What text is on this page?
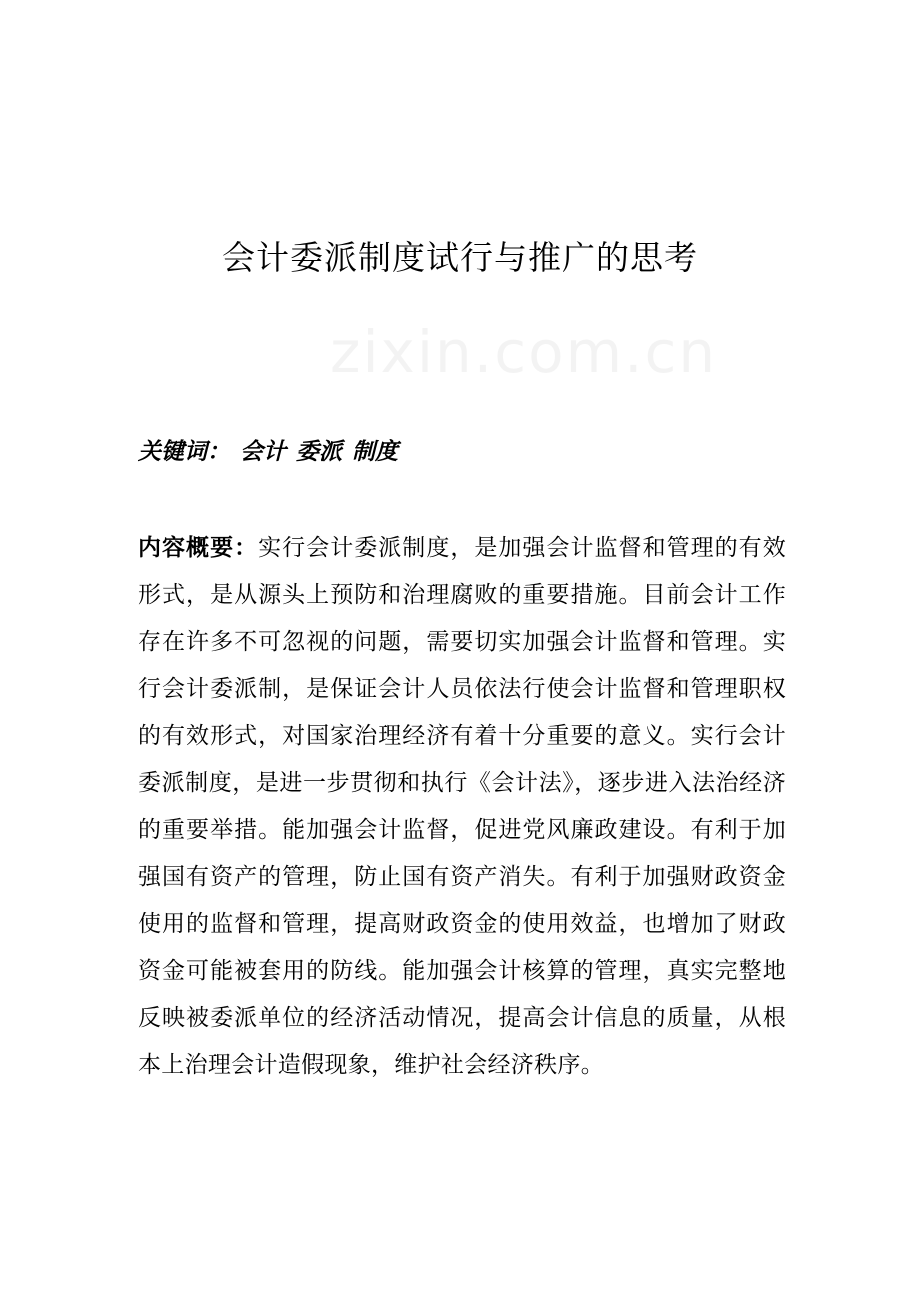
会计委派制度试行与推广的思考
关键词： 会计 委派 制度

内容概要：实行会计委派制度，是加强会计监督和管理的有效形式，是从源头上预防和治理腐败的重要措施。目前会计工作存在许多不可忽视的问题，需要切实加强会计监督和管理。实行会计委派制，是保证会计人员依法行使会计监督和管理职权的有效形式，对国家治理经济有着十分重要的意义。实行会计委派制度，是进一步贯彻和执行《会计法》，逐步进入法治经济的重要举措。能加强会计监督，促进党风廉政建设。有利于加强国有资产的管理，防止国有资产消失。有利于加强财政资金使用的监督和管理，提高财政资金的使用效益，也增加了财政资金可能被套用的防线。能加强会计核算的管理，真实完整地反映被委派单位的经济活动情况，提高会计信息的质量，从根本上治理会计造假现象，维护社会经济秩序。
